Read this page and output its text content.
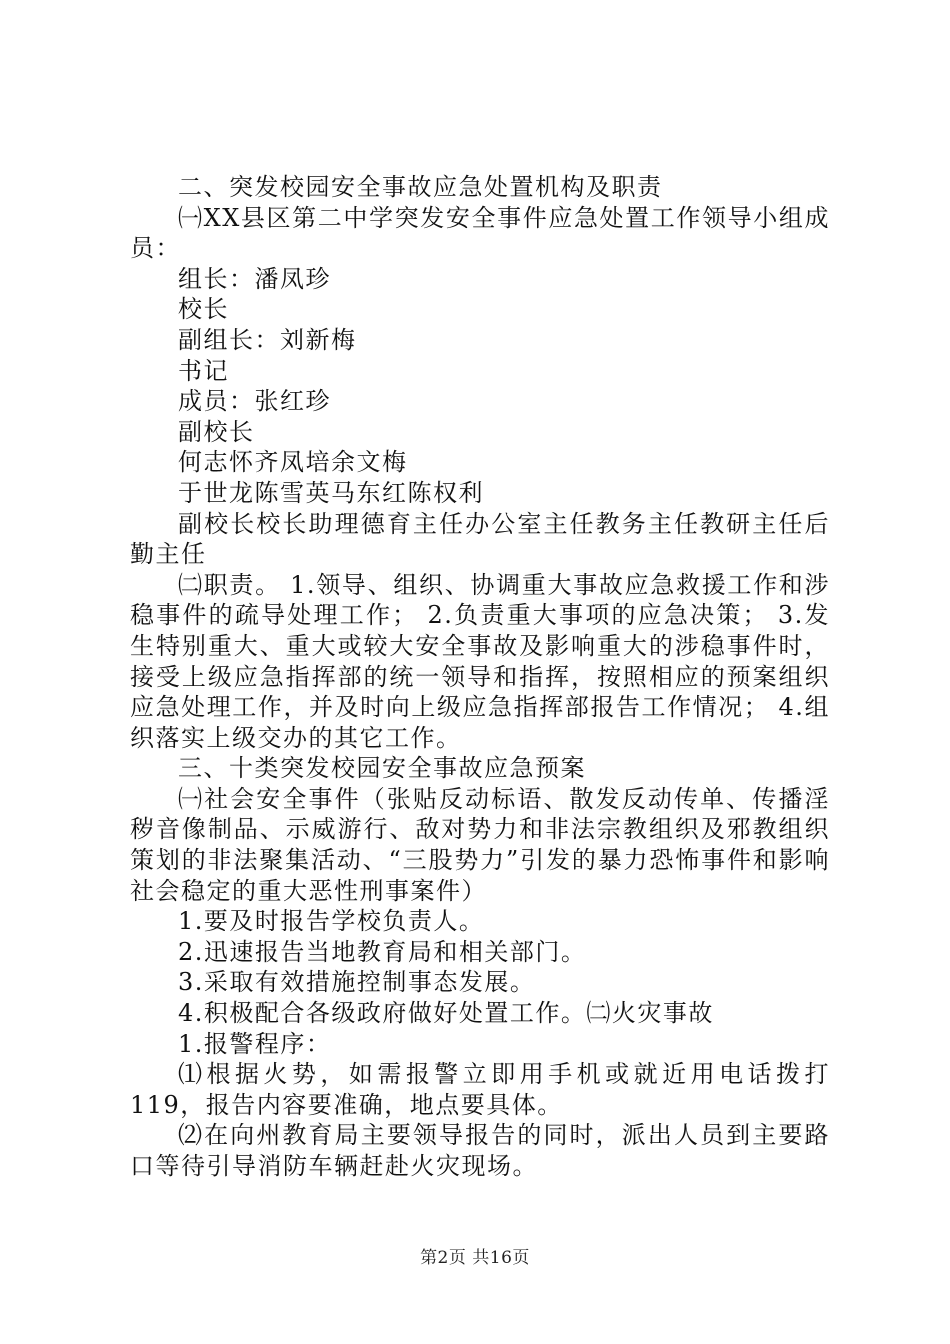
二、突发校园安全事故应急处置机构及职责

㈠XX县区第二中学突发安全事件应急处置工作领导小组成员：

组长：潘凤珍

校长

副组长：刘新梅

书记

成员：张红珍

副校长

何志怀齐凤培余文梅

于世龙陈雪英马东红陈权利

副校长校长助理德育主任办公室主任教务主任教研主任后勤主任

㈡职责。 1.领导、组织、协调重大事故应急救援工作和涉稳事件的疏导处理工作； 2.负责重大事项的应急决策； 3.发生特别重大、重大或较大安全事故及影响重大的涉稳事件时，接受上级应急指挥部的统一领导和指挥，按照相应的预案组织应急处理工作，并及时向上级应急指挥部报告工作情况； 4.组织落实上级交办的其它工作。

三、十类突发校园安全事故应急预案

㈠社会安全事件（张贴反动标语、散发反动传单、传播淫秽音像制品、示威游行、敌对势力和非法宗教组织及邪教组织策划的非法聚集活动、“三股势力”引发的暴力恐怖事件和影响社会稳定的重大恶性刑事案件）

1.要及时报告学校负责人。

2.迅速报告当地教育局和相关部门。

3.采取有效措施控制事态发展。

4.积极配合各级政府做好处置工作。㈡火灾事故

1.报警程序：

⑴根据火势，如需报警立即用手机或就近用电话拨打119，报告内容要准确，地点要具体。

⑵在向州教育局主要领导报告的同时，派出人员到主要路口等待引导消防车辆赶赴火灾现场。

第2页 共16页
